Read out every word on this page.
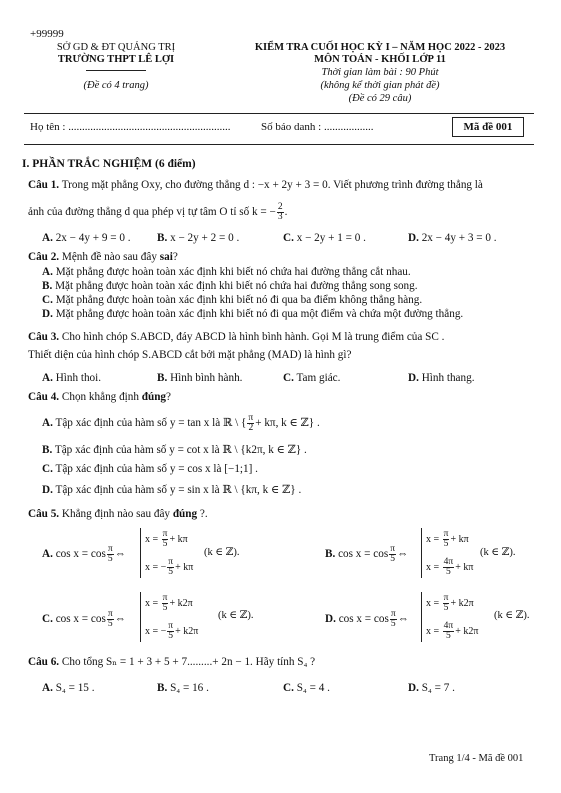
+99999
SỞ GD & ĐT QUẢNG TRỊ
TRƯỜNG THPT LÊ LỢI
(Đề có 4 trang)
KIỂM TRA CUỐI HỌC KỲ I – NĂM HỌC 2022 - 2023
MÔN TOÁN - KHỐI LỚP 11
Thời gian làm bài : 90 Phút
(không kể thời gian phát đề)
(Đề có 29 câu)
Họ tên : ...........................................................	Số báo danh : ..................	Mã đề 001
I. PHẦN TRẮC NGHIỆM (6 điểm)
Câu 1. Trong mặt phẳng Oxy, cho đường thẳng d : −x + 2y + 3 = 0. Viết phương trình đường thẳng là
ảnh của đường thẳng d qua phép vị tự tâm O tỉ số k = − $\frac{2}{3}$ .
A. 2x − 4y + 9 = 0 . B. x − 2y + 2 = 0 .	C. x − 2y + 1 = 0 .	D. 2x − 4y + 3 = 0 .
Câu 2. Mệnh đề nào sau đây sai?
A. Mặt phẳng được hoàn toàn xác định khi biết nó chứa hai đường thẳng cắt nhau.
B. Mặt phẳng được hoàn toàn xác định khi biết nó chứa hai đường thẳng song song.
C. Mặt phẳng được hoàn toàn xác định khi biết nó đi qua ba điểm không thẳng hàng.
D. Mặt phẳng được hoàn toàn xác định khi biết nó đi qua một điểm và chứa một đường thẳng.
Câu 3. Cho hình chóp S.ABCD, đáy ABCD là hình bình hành. Gọi M là trung điểm của SC .
Thiết diện của hình chóp S.ABCD cắt bởi mặt phẳng (MAD) là hình gì?
A. Hình thoi.	B. Hình bình hành.	C. Tam giác.	D. Hình thang.
Câu 4. Chọn khẳng định đúng?
A. Tập xác định của hàm số y = tan x là ℝ \ { $\frac{\pi}{2} + k\pi$, k ∈ ℤ} .
B. Tập xác định của hàm số y = cot x là ℝ \ {k2π, k ∈ ℤ} .
C. Tập xác định của hàm số y = cos x là [−1;1] .
D. Tập xác định của hàm số y = sin x là ℝ \ {kπ, k ∈ ℤ} .
Câu 5. Khẳng định nào sau đây đúng ?.
A. $\cos x = \cos \frac{\pi}{5}$ ⇔
$x = \frac{\pi}{5} + k\pi$
x = − $\frac{\pi}{5} + k\pi$
(k ∈ ℤ).	B. $\cos x = \cos \frac{\pi}{5}$ ⇔
$x = \frac{\pi}{5} + k\pi$
$x = \frac{4\pi}{5} + k\pi$
(k ∈ ℤ).
C. $\cos x = \cos \frac{\pi}{5}$ ⇔
$x = \frac{\pi}{5} + k2\pi$
x = − $\frac{\pi}{5} + k2\pi$
(k ∈ ℤ).	D. $\cos x = \cos \frac{\pi}{5}$ ⇔
$x = \frac{\pi}{5} + k2\pi$
$x = \frac{4\pi}{5} + k2\pi$
(k ∈ ℤ).
Câu 6. Cho tổng Sₙ = 1 + 3 + 5 + 7.........+ 2n − 1. Hãy tính S₄ ?
A. S₄ = 15 .	B. S₄ = 16 .	C. S₄ = 4 .	D. S₄ = 7 .
Trang 1/4 - Mã đề 001
